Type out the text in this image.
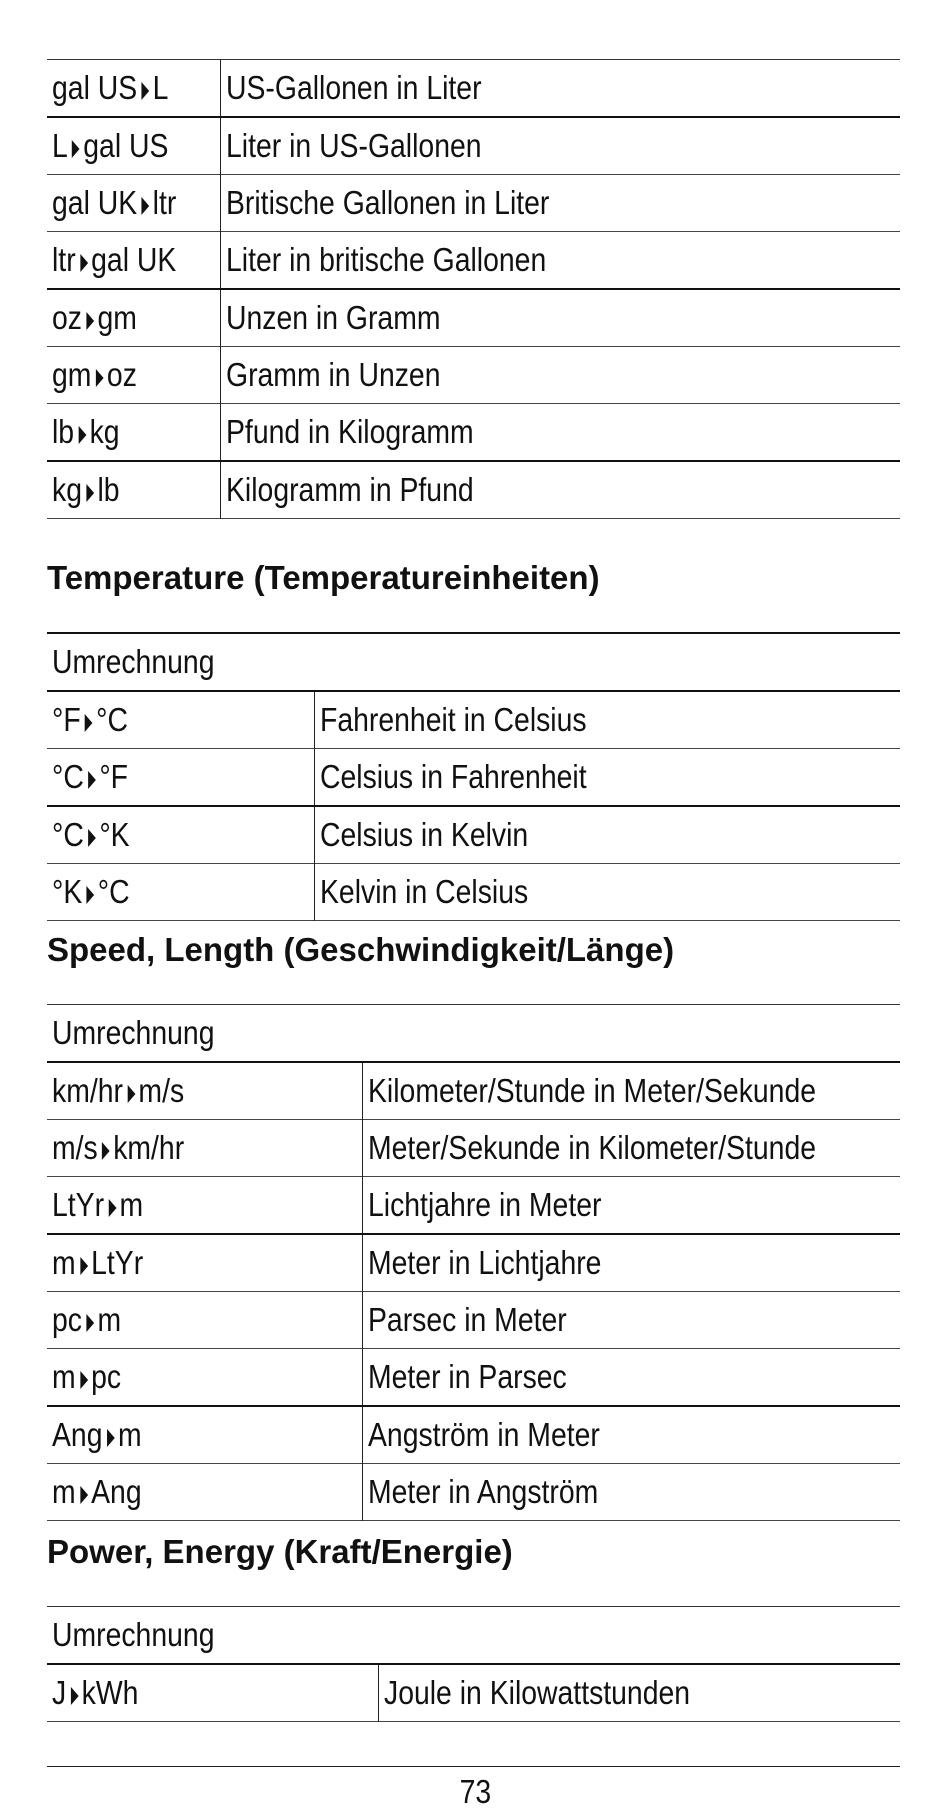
gal US L	US-Gallonen in Liter
L gal US	Liter in US-Gallonen
gal UK ltr	Britische Gallonen in Liter
ltr gal UK	Liter in britische Gallonen
oz gm	Unzen in Gramm
gm oz	Gramm in Unzen
lb kg	Pfund in Kilogramm
kg lb	Kilogramm in Pfund
Temperature (Temperatureinheiten)
Umrechnung	
°F °C	Fahrenheit in Celsius
°C °F	Celsius in Fahrenheit
°C °K	Celsius in Kelvin
°K °C	Kelvin in Celsius
Speed, Length (Geschwindigkeit/Länge)
Umrechnung	
km/hr m/s	Kilometer/Stunde in Meter/Sekunde
m/s km/hr	Meter/Sekunde in Kilometer/Stunde
LtYr m	Lichtjahre in Meter
m LtYr	Meter in Lichtjahre
pc m	Parsec in Meter
m pc	Meter in Parsec
Ang m	Angström in Meter
m Ang	Meter in Angström
Power, Energy (Kraft/Energie)
Umrechnung
J kWh	Joule in Kilowattstunden
73
